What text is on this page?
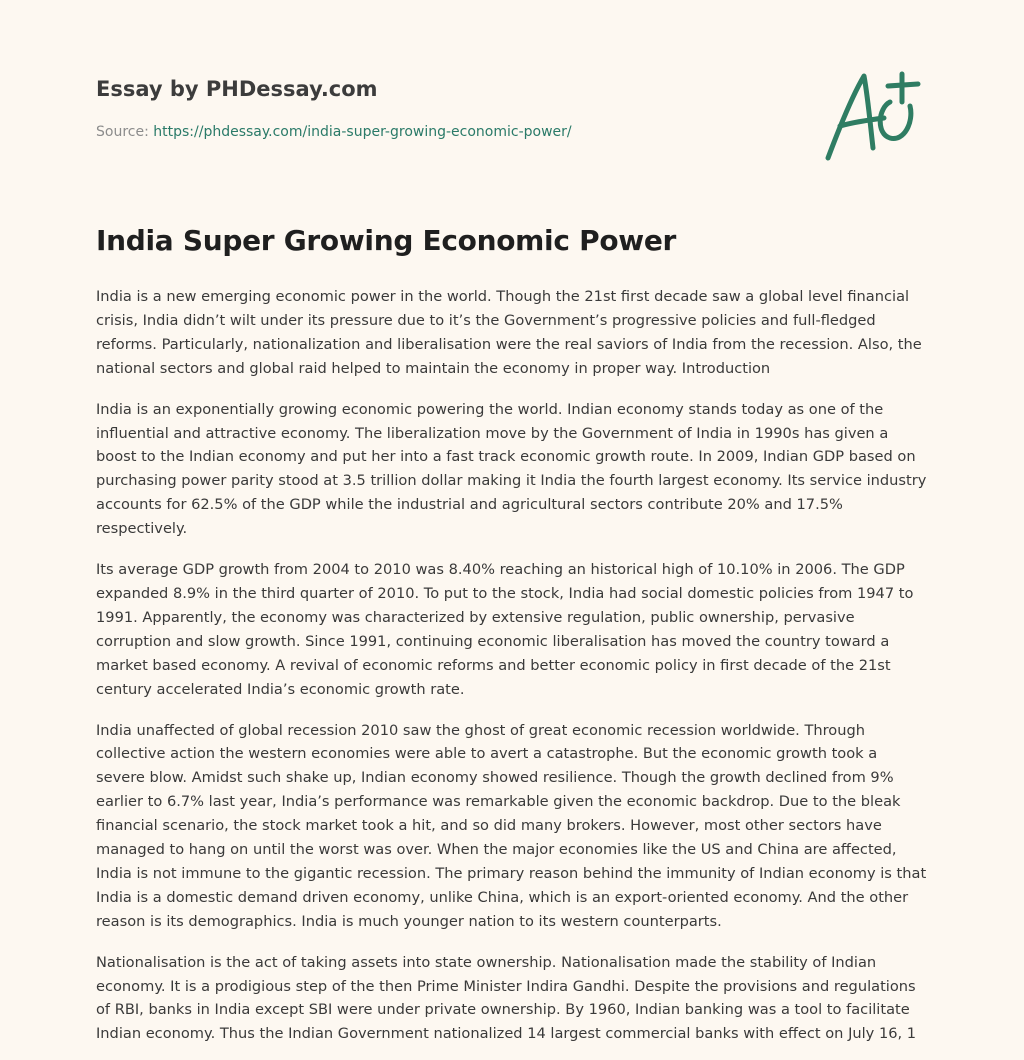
Essay by PHDessay.com
Source: https://phdessay.com/india-super-growing-economic-power/
India Super Growing Economic Power

India is a new emerging economic power in the world. Though the 21st first decade saw a global level financial crisis, India didn’t wilt under its pressure due to it’s the Government’s progressive policies and full-fledged reforms. Particularly, nationalization and liberalisation were the real saviors of India from the recession. Also, the national sectors and global raid helped to maintain the economy in proper way. Introduction

India is an exponentially growing economic powering the world. Indian economy stands today as one of the influential and attractive economy. The liberalization move by the Government of India in 1990s has given a boost to the Indian economy and put her into a fast track economic growth route. In 2009, Indian GDP based on purchasing power parity stood at 3.5 trillion dollar making it India the fourth largest economy. Its service industry accounts for 62.5% of the GDP while the industrial and agricultural sectors contribute 20% and 17.5% respectively.

Its average GDP growth from 2004 to 2010 was 8.40% reaching an historical high of 10.10% in 2006. The GDP expanded 8.9% in the third quarter of 2010. To put to the stock, India had social domestic policies from 1947 to 1991. Apparently, the economy was characterized by extensive regulation, public ownership, pervasive corruption and slow growth. Since 1991, continuing economic liberalisation has moved the country toward a market based economy. A revival of economic reforms and better economic policy in first decade of the 21st century accelerated India’s economic growth rate.

India unaffected of global recession 2010 saw the ghost of great economic recession worldwide. Through collective action the western economies were able to avert a catastrophe. But the economic growth took a severe blow. Amidst such shake up, Indian economy showed resilience. Though the growth declined from 9% earlier to 6.7% last year, India’s performance was remarkable given the economic backdrop. Due to the bleak financial scenario, the stock market took a hit, and so did many brokers. However, most other sectors have managed to hang on until the worst was over. When the major economies like the US and China are affected, India is not immune to the gigantic recession. The primary reason behind the immunity of Indian economy is that India is a domestic demand driven economy, unlike China, which is an export-oriented economy. And the other reason is its demographics. India is much younger nation to its western counterparts.

Nationalisation is the act of taking assets into state ownership. Nationalisation made the stability of Indian economy. It is a prodigious step of the then Prime Minister Indira Gandhi. Despite the provisions and regulations of RBI, banks in India except SBI were under private ownership. By 1960, Indian banking was a tool to facilitate Indian economy. Thus the Indian Government nationalized 14 largest commercial banks with effect on July 16, 1
